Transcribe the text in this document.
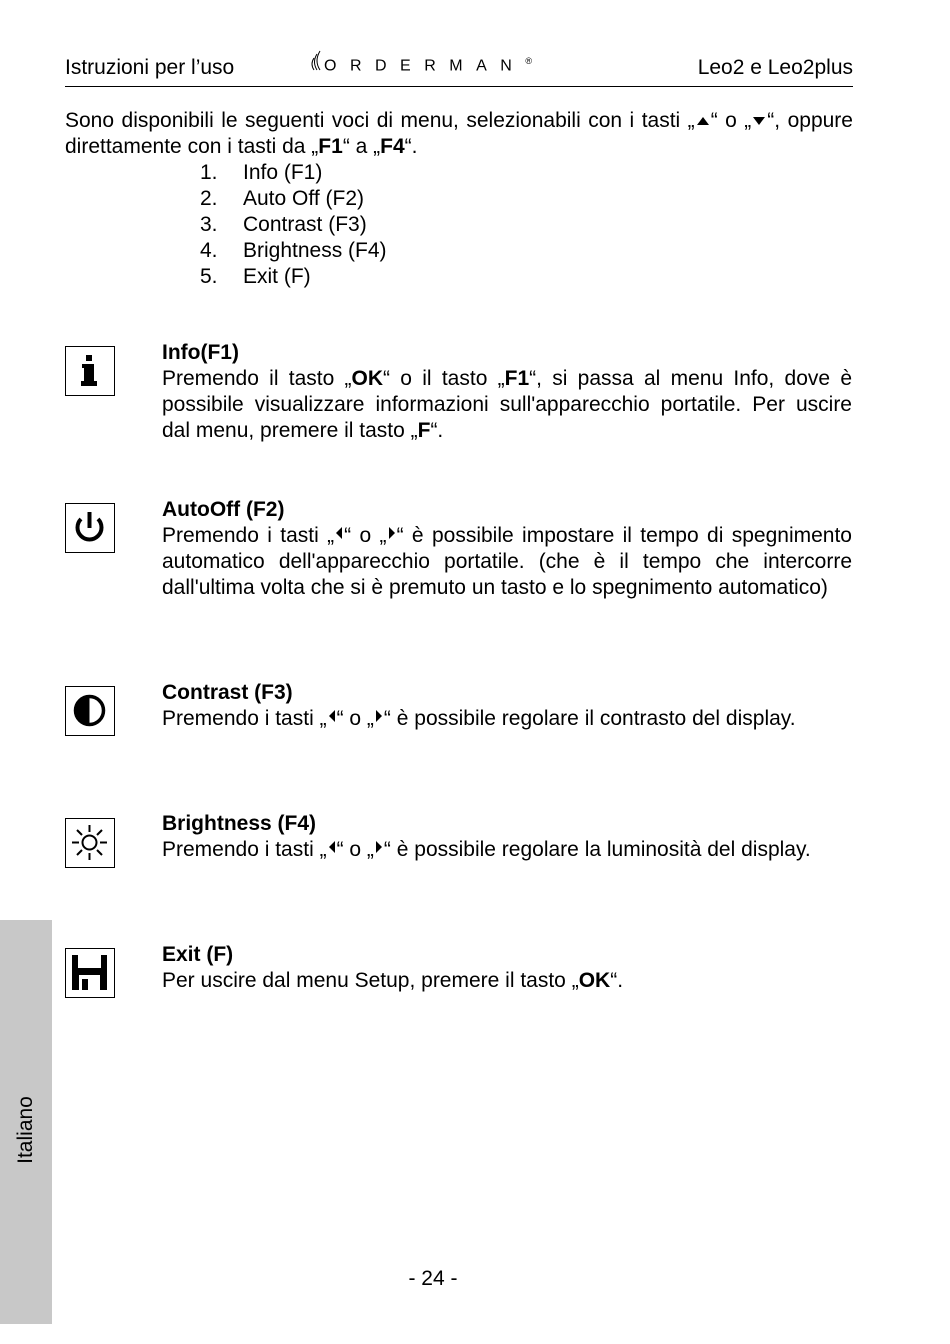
Istruzioni per l’uso	ORDERMAN®	Leo2 e Leo2plus
Sono disponibili le seguenti voci di menu, selezionabili con i tasti „ “ o „ “, oppure direttamente con i tasti da „F1“ a „F4“.
1. Info (F1)
2. Auto Off (F2)
3. Contrast (F3)
4. Brightness (F4)
5. Exit (F)
Info(F1)
Premendo il tasto „OK“ o il tasto „F1“, si passa al menu Info, dove è possibile visualizzare informazioni sull'apparecchio portatile. Per uscire dal menu, premere il tasto „F“.
AutoOff (F2)
Premendo i tasti „ “ o „ “ è possibile impostare il tempo di spegnimento automatico dell'apparecchio portatile. (che è il tempo che intercorre dall'ultima volta che si è premuto un tasto e lo spegnimento automatico)
Contrast (F3)
Premendo i tasti „ “ o „ “ è possibile regolare il contrasto del display.
Brightness (F4)
Premendo i tasti „ “ o „ “ è possibile regolare la luminosità del display.
Exit (F)
Per uscire dal menu Setup, premere il tasto „OK“.
Italiano
- 24 -
